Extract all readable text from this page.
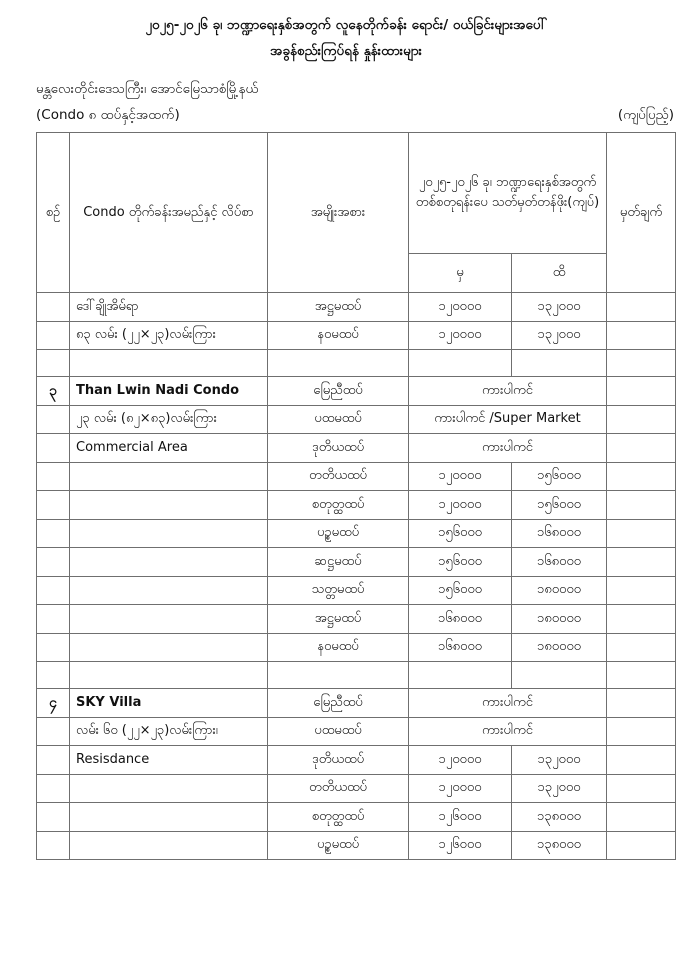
၂၀၂၅-၂၀၂၆ ခု၊ ဘဏ္ဍာရေးနှစ်အတွက် လူနေတိုက်ခန်း ရောင်း/ ဝယ်ခြင်းများအပေါ်
အခွန်စည်းကြပ်ရန် နှုန်းထားများ
မန္တလေးတိုင်းဒေသကြီး၊ အောင်မြေသာစံမြို့နယ်
(Condo ၈ ထပ်နှင့်အထက်)	(ကျပ်ပြည့်)
စဉ်	Condo တိုက်ခန်းအမည်နှင့် လိပ်စာ	အမျိုးအစား	၂၀၂၅-၂၀၂၆ ခု၊ ဘဏ္ဍာရေးနှစ်အတွက် တစ်စတုရန်းပေ သတ်မှတ်တန်ဖိုး(ကျပ်)		မှတ်ချက်
			မှ	ထိ	
	ဒေါ်ချိုအိမ်ရာ	အဋ္ဌမထပ်	၁၂၀၀၀၀	၁၃၂၀၀၀	
	၈၃ လမ်း (၂၂×၂၃)လမ်းကြား	နဝမထပ်	၁၂၀၀၀၀	၁၃၂၀၀၀	

၃	Than Lwin Nadi Condo	မြေညီထပ်	ကားပါကင်		
	၂၃ လမ်း (၈၂×၈၃)လမ်းကြား	ပထမထပ်	ကားပါကင် /Super Market		
	Commercial Area	ဒုတိယထပ်	ကားပါကင်		
		တတိယထပ်	၁၂၀၀၀၀	၁၅၆၀၀၀	
		စတုတ္ထထပ်	၁၂၀၀၀၀	၁၅၆၀၀၀	
		ပဥ္စမထပ်	၁၅၆၀၀၀	၁၆၈၀၀၀	
		ဆဋ္ဌမထပ်	၁၅၆၀၀၀	၁၆၈၀၀၀	
		သတ္တမထပ်	၁၅၆၀၀၀	၁၈၀၀၀၀	
		အဋ္ဌမထပ်	၁၆၈၀၀၀	၁၈၀၀၀၀	
		နဝမထပ်	၁၆၈၀၀၀	၁၈၀၀၀၀	

၄	SKY Villa	မြေညီထပ်	ကားပါကင်		
	လမ်း ၆၀ (၂၂×၂၃)လမ်းကြား၊	ပထမထပ်	ကားပါကင်		
	Resisdance	ဒုတိယထပ်	၁၂၀၀၀၀	၁၃၂၀၀၀	
		တတိယထပ်	၁၂၀၀၀၀	၁၃၂၀၀၀	
		စတုတ္ထထပ်	၁၂၆၀၀၀	၁၃၈၀၀၀	
		ပဥ္စမထပ်	၁၂၆၀၀၀	၁၃၈၀၀၀	
